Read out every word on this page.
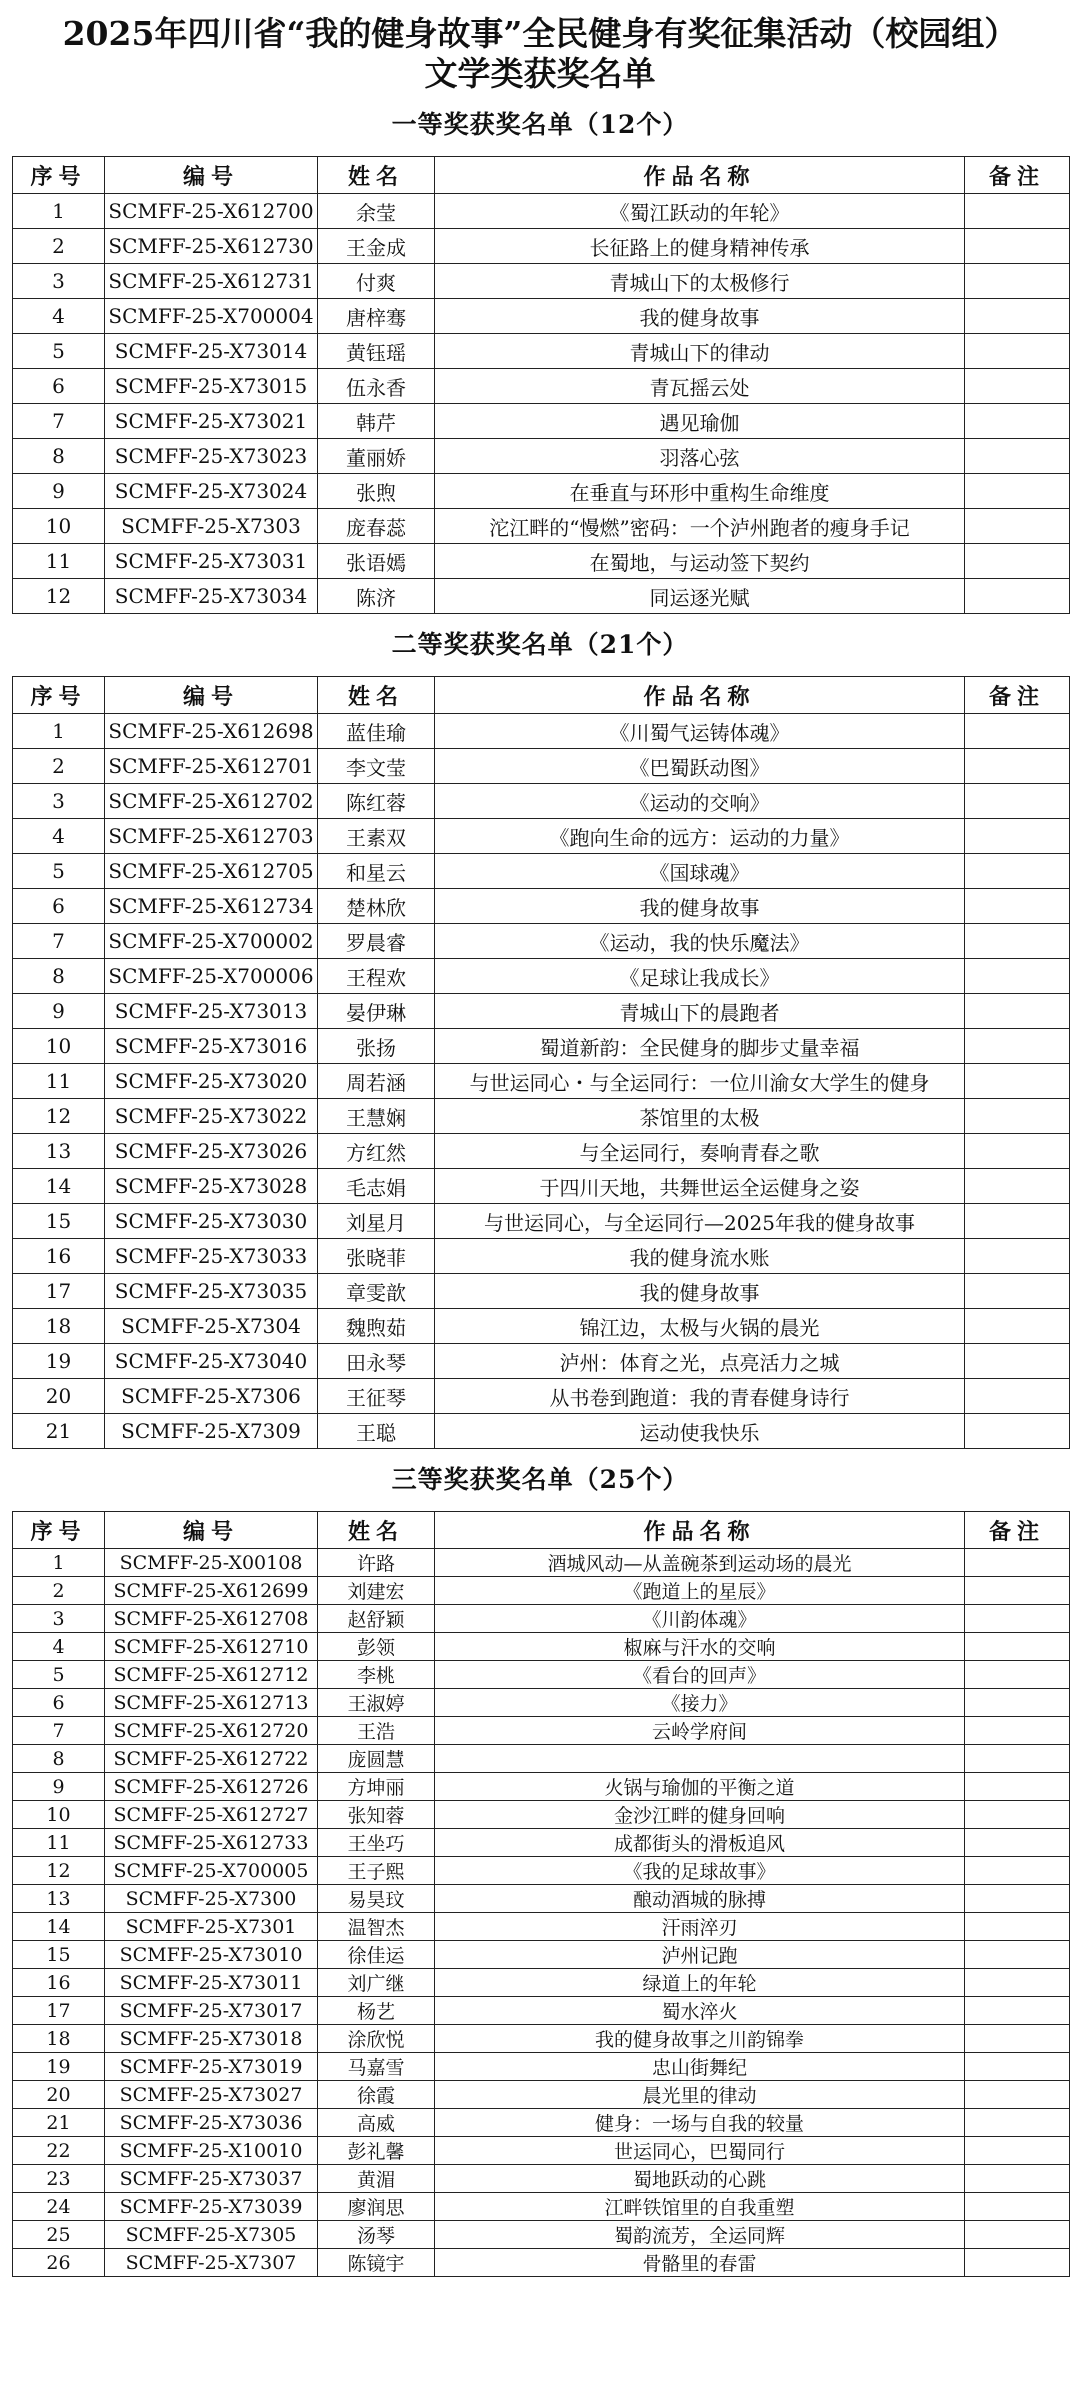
2025年四川省“我的健身故事”全民健身有奖征集活动（校园组）
文学类获奖名单
一等奖获奖名单（12个）
序号	编号	姓名	作品名称	备注
1	SCMFF-25-X612700	余莹	《蜀江跃动的年轮》	
2	SCMFF-25-X612730	王金成	长征路上的健身精神传承	
3	SCMFF-25-X612731	付爽	青城山下的太极修行	
4	SCMFF-25-X700004	唐梓骞	我的健身故事	
5	SCMFF-25-X73014	黄钰瑶	青城山下的律动	
6	SCMFF-25-X73015	伍永香	青瓦摇云处	
7	SCMFF-25-X73021	韩芹	遇见瑜伽	
8	SCMFF-25-X73023	董丽娇	羽落心弦	
9	SCMFF-25-X73024	张煦	在垂直与环形中重构生命维度	
10	SCMFF-25-X7303	庞春蕊	沱江畔的“慢燃”密码：一个泸州跑者的瘦身手记	
11	SCMFF-25-X73031	张语嫣	在蜀地，与运动签下契约	
12	SCMFF-25-X73034	陈济	同运逐光赋	
二等奖获奖名单（21个）
序号	编号	姓名	作品名称	备注
1	SCMFF-25-X612698	蓝佳瑜	《川蜀气运铸体魂》	
2	SCMFF-25-X612701	李文莹	《巴蜀跃动图》	
3	SCMFF-25-X612702	陈红蓉	《运动的交响》	
4	SCMFF-25-X612703	王素双	《跑向生命的远方：运动的力量》	
5	SCMFF-25-X612705	和星云	《国球魂》	
6	SCMFF-25-X612734	楚林欣	我的健身故事	
7	SCMFF-25-X700002	罗晨睿	《运动，我的快乐魔法》	
8	SCMFF-25-X700006	王程欢	《足球让我成长》	
9	SCMFF-25-X73013	晏伊琳	青城山下的晨跑者	
10	SCMFF-25-X73016	张扬	蜀道新韵：全民健身的脚步丈量幸福	
11	SCMFF-25-X73020	周若涵	与世运同心・与全运同行：一位川渝女大学生的健身	
12	SCMFF-25-X73022	王慧娴	茶馆里的太极	
13	SCMFF-25-X73026	方红然	与全运同行，奏响青春之歌	
14	SCMFF-25-X73028	毛志娟	于四川天地，共舞世运全运健身之姿	
15	SCMFF-25-X73030	刘星月	与世运同心，与全运同行—2025年我的健身故事	
16	SCMFF-25-X73033	张晓菲	我的健身流水账	
17	SCMFF-25-X73035	章雯歆	我的健身故事	
18	SCMFF-25-X7304	魏煦茹	锦江边，太极与火锅的晨光	
19	SCMFF-25-X73040	田永琴	泸州：体育之光，点亮活力之城	
20	SCMFF-25-X7306	王征琴	从书卷到跑道：我的青春健身诗行	
21	SCMFF-25-X7309	王聪	运动使我快乐	
三等奖获奖名单（25个）
序号	编号	姓名	作品名称	备注
1	SCMFF-25-X00108	许路	酒城风动—从盖碗茶到运动场的晨光	
2	SCMFF-25-X612699	刘建宏	《跑道上的星辰》	
3	SCMFF-25-X612708	赵舒颖	《川韵体魂》	
4	SCMFF-25-X612710	彭领	椒麻与汗水的交响	
5	SCMFF-25-X612712	李桃	《看台的回声》	
6	SCMFF-25-X612713	王淑婷	《接力》	
7	SCMFF-25-X612720	王浩	云岭学府间	
8	SCMFF-25-X612722	庞圆慧		
9	SCMFF-25-X612726	方坤丽	火锅与瑜伽的平衡之道	
10	SCMFF-25-X612727	张知蓉	金沙江畔的健身回响	
11	SCMFF-25-X612733	王坐巧	成都街头的滑板追风	
12	SCMFF-25-X700005	王子熙	《我的足球故事》	
13	SCMFF-25-X7300	易昊玟	酿动酒城的脉搏	
14	SCMFF-25-X7301	温智杰	汗雨淬刃	
15	SCMFF-25-X73010	徐佳运	泸州记跑	
16	SCMFF-25-X73011	刘广继	绿道上的年轮	
17	SCMFF-25-X73017	杨艺	蜀水淬火	
18	SCMFF-25-X73018	涂欣悦	我的健身故事之川韵锦拳	
19	SCMFF-25-X73019	马嘉雪	忠山街舞纪	
20	SCMFF-25-X73027	徐霞	晨光里的律动	
21	SCMFF-25-X73036	高威	健身：一场与自我的较量	
22	SCMFF-25-X10010	彭礼馨	世运同心，巴蜀同行	
23	SCMFF-25-X73037	黄湄	蜀地跃动的心跳	
24	SCMFF-25-X73039	廖润思	江畔铁馆里的自我重塑	
25	SCMFF-25-X7305	汤琴	蜀韵流芳，全运同辉	
26	SCMFF-25-X7307	陈镜宇	骨骼里的春雷	
